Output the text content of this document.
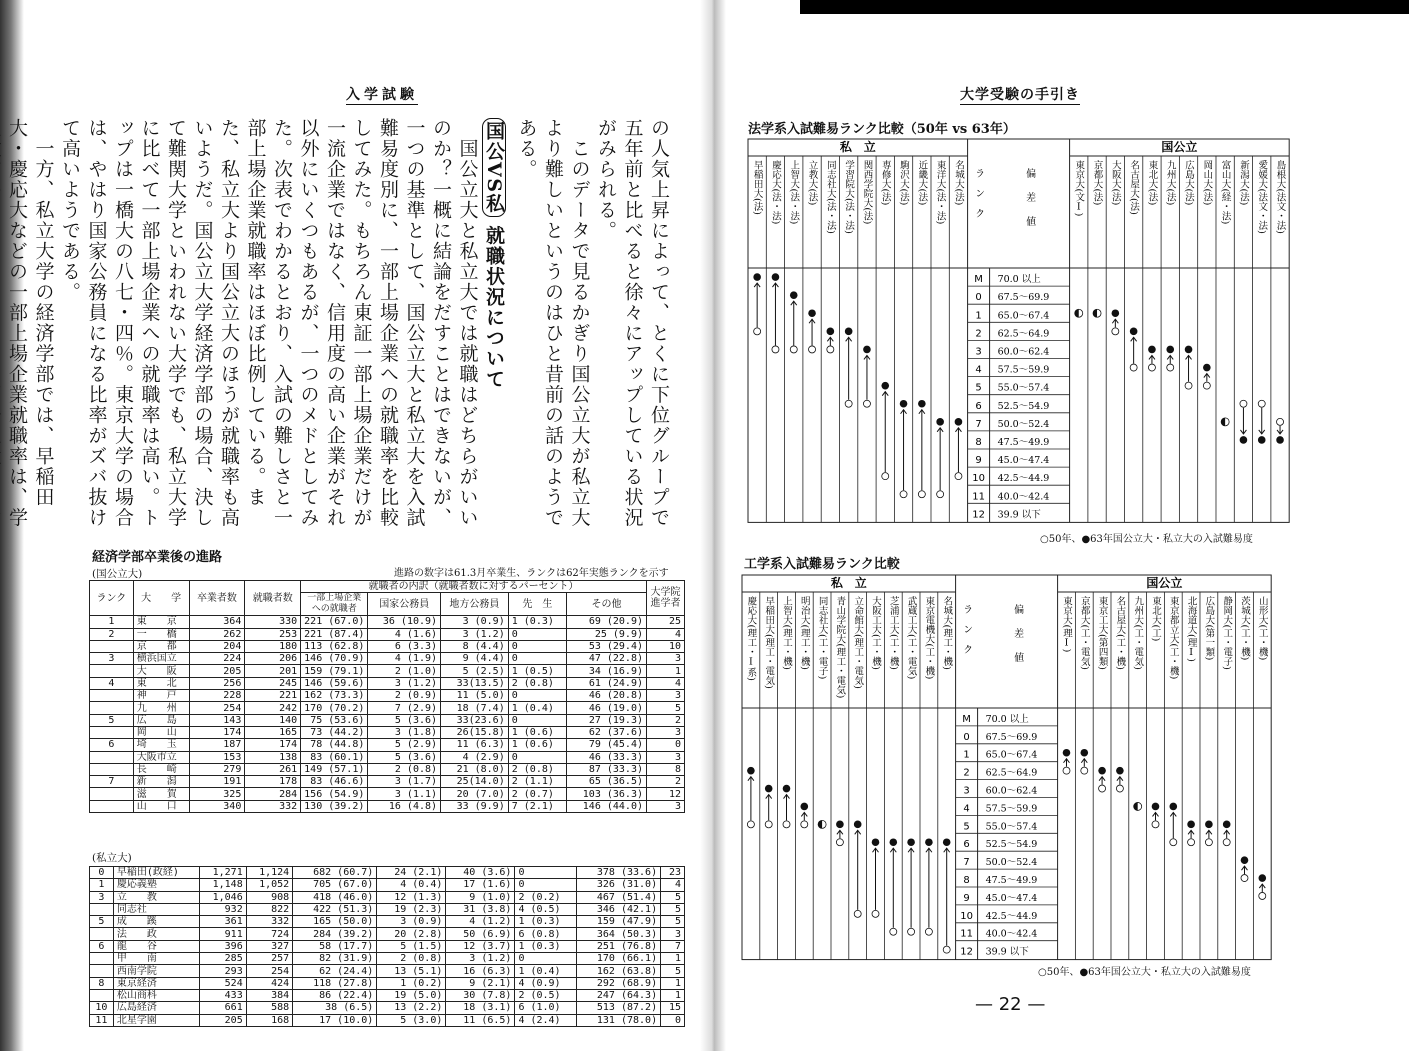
入学試験

の人気上昇によって、とくに下位グループで五年前と比べると徐々にアップしている状況がみられる。

　このデータで見るかぎり国公立大が私立大より難しいというのはひと昔前の話のようである。

国公VS私 就職状況について

　国公立大と私立大では就職はどちらがいいのか？一概に結論をだすことはできないが、一つの基準として、国公立大と私立大を入試難易度別に、一部上場企業への就職率を比較してみた。もちろん東証一部上場企業だけが一流企業ではなく、信用度の高い企業がそれ以外にいくつもあるが、一つのメドとしてみた。次表でわかるとおり、入試の難しさと一部上場企業就職率はほぼ比例している。また、私立大より国公立大のほうが就職率も高いようだ。国公立大学経済学部の場合、決して難関大学といわれない大学でも、私立大学に比べて一部上場企業への就職率は高い。トップは一橋大の八七・四％。東京大学の場合は、やはり国家公務員になる比率がズバ抜けて高いようである。

　一方、私立大学の経済学部では、早稲田大・慶応大などの一部上場企業就職率は、学

経済学部卒業後の進路
進路の数字は61.3月卒業生、ランクは62年実態ランクを示す
(国公立大)
ランク	大　　学	卒業者数	就職者数	就職者の内訳（就職者数に対するパーセント）					大学院進学者
				一部上場企業への就職者	国家公務員	地方公務員	先　生	その他	
1	東　　京	364	330	221 (67.0)	36 (10.9)	3 (0.9)	1 (0.3)	69 (20.9)	25
2	一　　橋	262	253	221 (87.4)	4 (1.6)	3 (1.2)	0	25 (9.9)	4
	京　　都	204	180	113 (62.8)	6 (3.3)	8 (4.4)	0	53 (29.4)	10
3	横浜国立	224	206	146 (70.9)	4 (1.9)	9 (4.4)	0	47 (22.8)	3
	大　　阪	205	201	159 (79.1)	2 (1.0)	5 (2.5)	1 (0.5)	34 (16.9)	1
4	東　　北	256	245	146 (59.6)	3 (1.2)	33(13.5)	2 (0.8)	61 (24.9)	4
	神　　戸	228	221	162 (73.3)	2 (0.9)	11 (5.0)	0	46 (20.8)	3
	九　　州	254	242	170 (70.2)	7 (2.9)	18 (7.4)	1 (0.4)	46 (19.0)	5
5	広　　島	143	140	75 (53.6)	5 (3.6)	33(23.6)	0	27 (19.3)	2
	岡　　山	174	165	73 (44.2)	3 (1.8)	26(15.8)	1 (0.6)	62 (37.6)	3
6	埼　　玉	187	174	78 (44.8)	5 (2.9)	11 (6.3)	1 (0.6)	79 (45.4)	0
	大阪市立	153	138	83 (60.1)	5 (3.6)	4 (2.9)	0	46 (33.3)	3
	長　　崎	279	261	149 (57.1)	2 (0.8)	21 (8.0)	2 (0.8)	87 (33.3)	8
7	新　　潟	191	178	83 (46.6)	3 (1.7)	25(14.0)	2 (1.1)	65 (36.5)	2
	滋　　賀	325	284	156 (54.9)	3 (1.1)	20 (7.0)	2 (0.7)	103 (36.3)	12
	山　　口	340	332	130 (39.2)	16 (4.8)	33 (9.9)	7 (2.1)	146 (44.0)	3
(私立大)
0	早稲田(政経)	1,271	1,124	682 (60.7)	24 (2.1)	40 (3.6)	0	378 (33.6)	23
1	慶応義塾	1,148	1,052	705 (67.0)	4 (0.4)	17 (1.6)	0	326 (31.0)	4
3	立　　教	1,046	908	418 (46.0)	12 (1.3)	9 (1.0)	2 (0.2)	467 (51.4)	5
	同志社	932	822	422 (51.3)	19 (2.3)	31 (3.8)	4 (0.5)	346 (42.1)	5
5	成　　蹊	361	332	165 (50.0)	3 (0.9)	4 (1.2)	1 (0.3)	159 (47.9)	5
	法　　政	911	724	284 (39.2)	20 (2.8)	50 (6.9)	6 (0.8)	364 (50.3)	3
6	龍　　谷	396	327	58 (17.7)	5 (1.5)	12 (3.7)	1 (0.3)	251 (76.8)	7
	甲　　南	285	257	82 (31.9)	2 (0.8)	3 (1.2)	0	170 (66.1)	1
	西南学院	293	254	62 (24.4)	13 (5.1)	16 (6.3)	1 (0.4)	162 (63.8)	5
8	東京経済	524	424	118 (27.8)	1 (0.2)	9 (2.1)	4 (0.9)	292 (68.9)	1
	松山商科	433	384	86 (22.4)	19 (5.0)	30 (7.8)	2 (0.5)	247 (64.3)	1
10	広島経済	661	588	38 (6.5)	13 (2.2)	18 (3.1)	6 (1.0)	513 (87.2)	15
11	北星学園	205	168	17 (10.0)	5 (3.0)	11 (6.5)	4 (2.4)	131 (78.0)	0
大学受験の手引き
法学系入試難易ランク比較（50年 vs 63年）
私　立	国公立
ランク	偏差値
M 70.0 以上
0 67.5～69.9
1 65.0～67.4
2 62.5～64.9
3 60.0～62.4
4 57.5～59.9
5 55.0～57.4
6 52.5～54.9
7 50.0～52.4
8 47.5～49.9
9 45.0～47.4
10 42.5～44.9
11 40.0～42.4
12 39.9 以下
早稲田大(法) 慶応大(法・法) 上智大(法・法) 立教大(法) 同志社大(法・法) 学習院大(法・法) 関西学院大(法) 専修大(法) 駒沢大(法) 近畿大(法) 東洋大(法・法) 名城大(法)	東京大(文Ⅰ) 京都大(法) 大阪大(法) 名古屋大(法) 東北大(法) 九州大(法) 広島大(法) 岡山大(法) 富山大(経・法) 新潟大(法) 愛媛大(法文・法) 島根大(法文・法)
○50年、●63年国公立大・私立大の入試難易度
工学系入試難易ランク比較
私　立	国公立
ランク	偏差値
M 70.0 以上
0 67.5～69.9
1 65.0～67.4
2 62.5～64.9
3 60.0～62.4
4 57.5～59.9
5 55.0～57.4
6 52.5～54.9
7 50.0～52.4
8 47.5～49.9
9 45.0～47.4
10 42.5～44.9
11 40.0～42.4
12 39.9 以下
慶応大(理工・Ⅰ系) 早稲田大(理工・電気) 上智大(理工・機) 明治大(理工・機) 同志社大(工・電子) 青山学院大(理工・電気) 立命館大(理工・電気) 大阪工大(工・機) 芝浦工大(工・機) 武蔵工大(工・電気) 東京電機大(工・機) 名城大(理工・機)	東京大(理Ⅰ) 京都大(工・電気) 東京工大(第四類) 名古屋大(工・機) 九州大(工・電気) 東北大(工) 東京都立大(工・機) 北海道大(理Ⅰ) 広島大(第一類) 静岡大(工・電子) 茨城大(工・機) 山形大(工・機)
○50年、●63年国公立大・私立大の入試難易度
— 22 —
